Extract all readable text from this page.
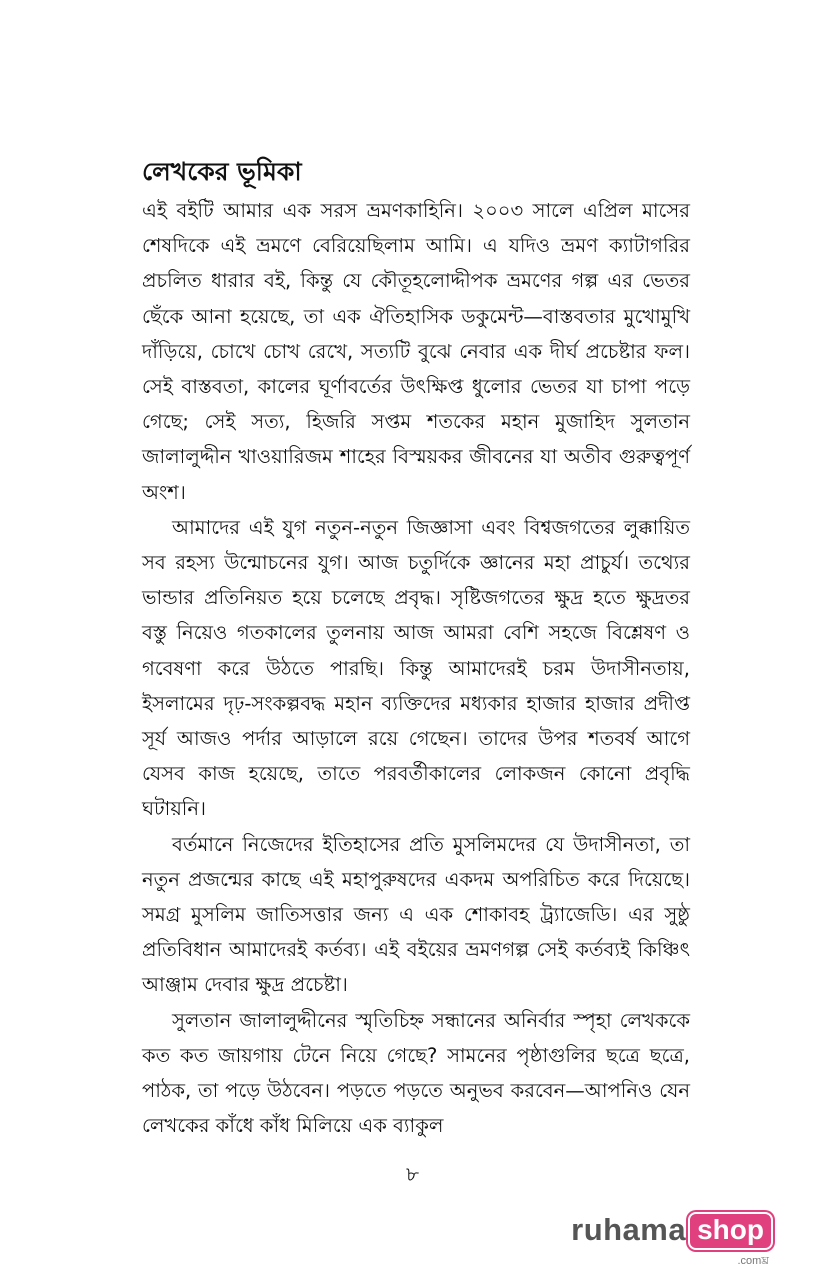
লেখকের ভূমিকা

এই বইটি আমার এক সরস ভ্রমণকাহিনি। ২০০৩ সালে এপ্রিল মাসের শেষদিকে এই ভ্রমণে বেরিয়েছিলাম আমি। এ যদিও ভ্রমণ ক্যাটাগরির প্রচলিত ধারার বই, কিন্তু যে কৌতূহলোদ্দীপক ভ্রমণের গল্প এর ভেতর ছেঁকে আনা হয়েছে, তা এক ঐতিহাসিক ডকুমেন্ট—বাস্তবতার মুখোমুখি দাঁড়িয়ে, চোখে চোখ রেখে, সত্যটি বুঝে নেবার এক দীর্ঘ প্রচেষ্টার ফল। সেই বাস্তবতা, কালের ঘূর্ণাবর্তের উৎক্ষিপ্ত ধুলোর ভেতর যা চাপা পড়ে গেছে; সেই সত্য, হিজরি সপ্তম শতকের মহান মুজাহিদ সুলতান জালালুদ্দীন খাওয়ারিজম শাহের বিস্ময়কর জীবনের যা অতীব গুরুত্বপূর্ণ অংশ।

আমাদের এই যুগ নতুন-নতুন জিজ্ঞাসা এবং বিশ্বজগতের লুক্কায়িত সব রহস্য উন্মোচনের যুগ। আজ চতুর্দিকে জ্ঞানের মহা প্রাচুর্য। তথ্যের ভান্ডার প্রতিনিয়ত হয়ে চলেছে প্রবৃদ্ধ। সৃষ্টিজগতের ক্ষুদ্র হতে ক্ষুদ্রতর বস্তু নিয়েও গতকালের তুলনায় আজ আমরা বেশি সহজে বিশ্লেষণ ও গবেষণা করে উঠতে পারছি। কিন্তু আমাদেরই চরম উদাসীনতায়, ইসলামের দৃঢ়-সংকল্পবদ্ধ মহান ব্যক্তিদের মধ্যকার হাজার হাজার প্রদীপ্ত সূর্য আজও পর্দার আড়ালে রয়ে গেছেন। তাদের উপর শতবর্ষ আগে যেসব কাজ হয়েছে, তাতে পরবর্তীকালের লোকজন কোনো প্রবৃদ্ধি ঘটায়নি।

বর্তমানে নিজেদের ইতিহাসের প্রতি মুসলিমদের যে উদাসীনতা, তা নতুন প্রজন্মের কাছে এই মহাপুরুষদের একদম অপরিচিত করে দিয়েছে। সমগ্র মুসলিম জাতিসত্তার জন্য এ এক শোকাবহ ট্র্যাজেডি। এর সুষ্ঠু প্রতিবিধান আমাদেরই কর্তব্য। এই বইয়ের ভ্রমণগল্প সেই কর্তব্যই কিঞ্চিৎ আঞ্জাম দেবার ক্ষুদ্র প্রচেষ্টা।

সুলতান জালালুদ্দীনের স্মৃতিচিহ্ন সন্ধানের অনির্বার স্পৃহা লেখককে কত কত জায়গায় টেনে নিয়ে গেছে? সামনের পৃষ্ঠাগুলির ছত্রে ছত্রে, পাঠক, তা পড়ে উঠবেন। পড়তে পড়তে অনুভব করবেন—আপনিও যেন লেখকের কাঁধে কাঁধ মিলিয়ে এক ব্যাকুল

৮
ruhama shop
.comঘ্র
